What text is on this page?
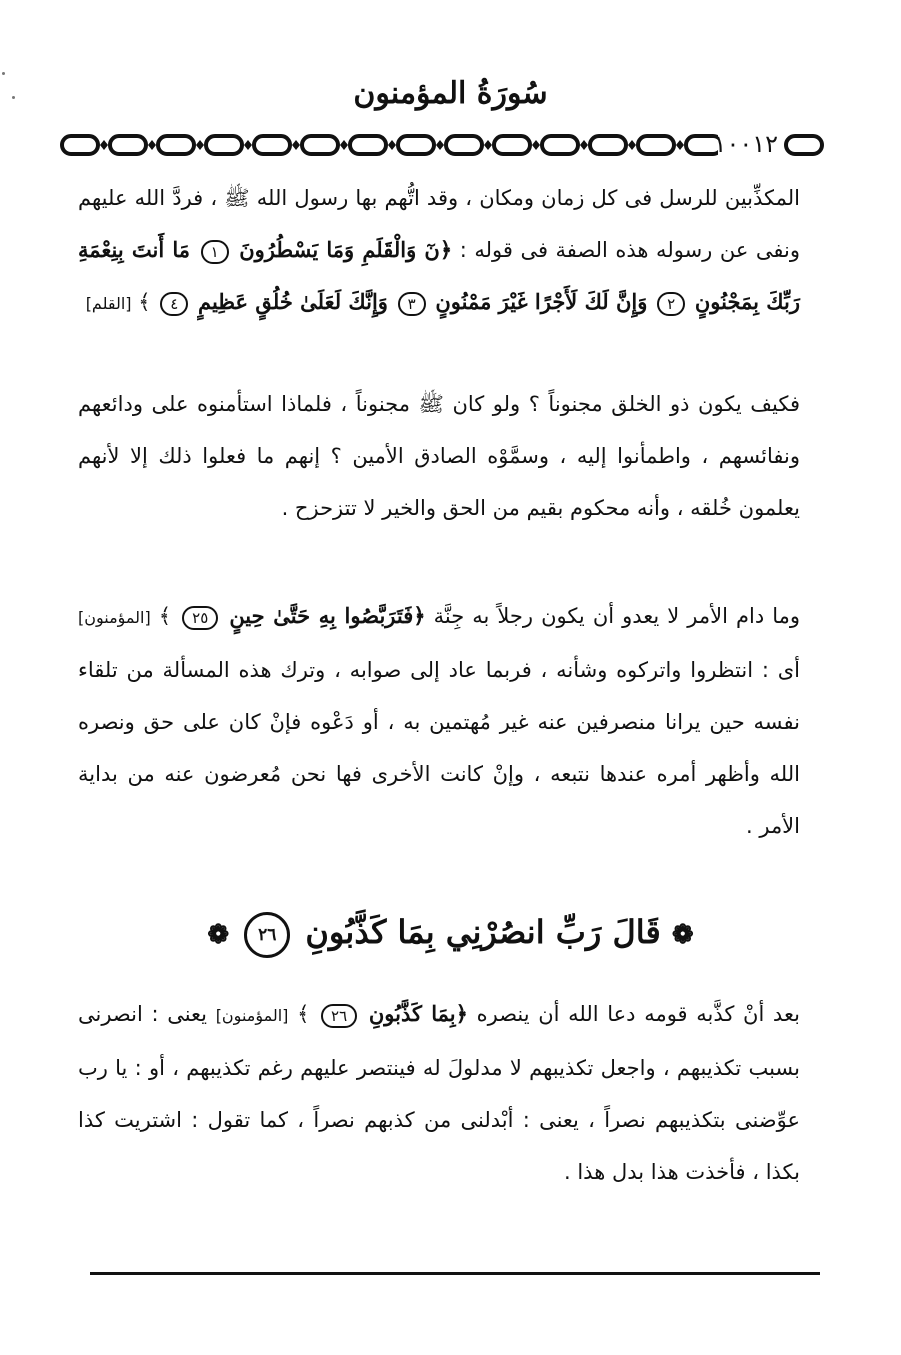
سُورَةُ المؤمنون
١٠٠١٢

المكذِّبين للرسل فى كل زمان ومكان ، وقد اتُّهم بها رسول الله ﷺ ، فردَّ الله عليهم ونفى عن رسوله هذه الصفة فى قوله : ﴿نٓ وَالْقَلَمِ وَمَا يَسْطُرُونَ ١ مَا أَنتَ بِنِعْمَةِ رَبِّكَ بِمَجْنُونٍ ٢ وَإِنَّ لَكَ لَأَجْرًا غَيْرَ مَمْنُونٍ ٣ وَإِنَّكَ لَعَلَىٰ خُلُقٍ عَظِيمٍ ٤ ﴾ [القلم]

فكيف يكون ذو الخلق مجنوناً ؟ ولو كان ﷺ مجنوناً ، فلماذا استأمنوه على ودائعهم ونفائسهم ، واطمأنوا إليه ، وسمَّوْه الصادق الأمين ؟ إنهم ما فعلوا ذلك إلا لأنهم يعلمون خُلقه ، وأنه محكوم بقيم من الحق والخير لا تتزحزح .

وما دام الأمر لا يعدو أن يكون رجلاً به جِنَّة ﴿فَتَرَبَّصُوا بِهِ حَتَّىٰ حِينٍ ٢٥ ﴾ [المؤمنون] أى : انتظروا واتركوه وشأنه ، فربما عاد إلى صوابه ، وترك هذه المسألة من تلقاء نفسه حين يرانا منصرفين عنه غير مُهتمين به ، أو دَعْوه فإنْ كان على حق ونصره الله وأظهر أمره عندها نتبعه ، وإنْ كانت الأخرى فها نحن مُعرضون عنه من بداية الأمر .

❁ قَالَ رَبِّ انصُرْنِي بِمَا كَذَّبُونِ ٢٦ ❁

بعد أنْ كذَّبه قومه دعا الله أن ينصره ﴿بِمَا كَذَّبُونِ ٢٦ ﴾ [المؤمنون] يعنى : انصرنى بسبب تكذيبهم ، واجعل تكذيبهم لا مدلولَ له فينتصر عليهم رغم تكذيبهم ، أو : يا رب عوِّضنى بتكذيبهم نصراً ، يعنى : أبْدلنى من كذبهم نصراً ، كما تقول : اشتريت كذا بكذا ، فأخذت هذا بدل هذا .
